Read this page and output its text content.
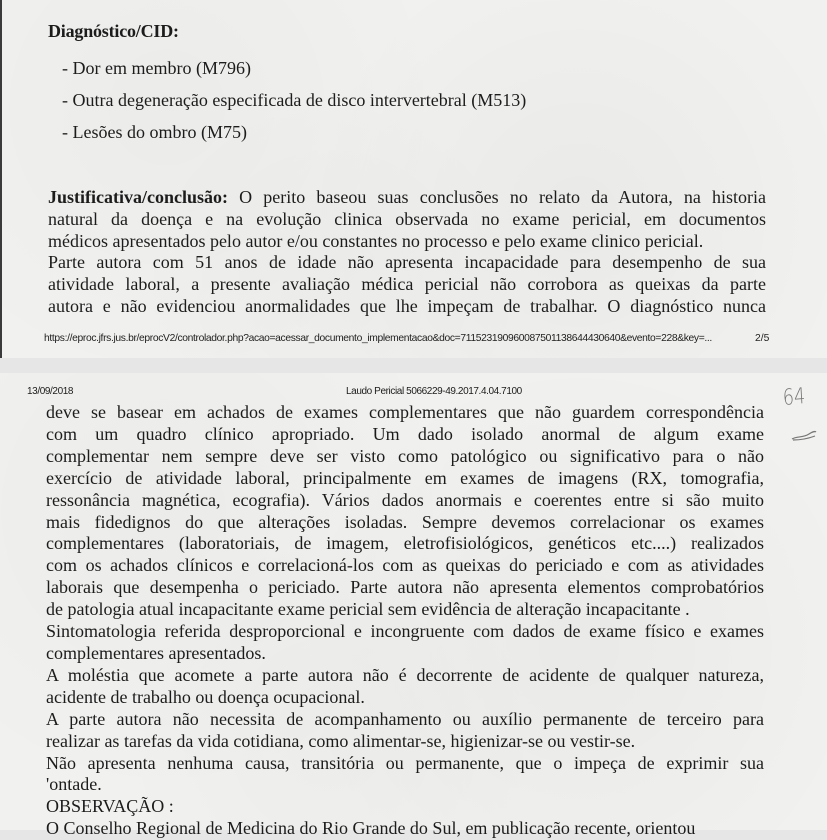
Diagnóstico/CID:
- Dor em membro (M796)
- Outra degeneração especificada de disco intervertebral (M513)
- Lesões do ombro (M75)
Justificativa/conclusão: O perito baseou suas conclusões no relato da Autora, na historia
natural da doença e na evolução clinica observada no exame pericial, em documentos
médicos apresentados pelo autor e/ou constantes no processo e pelo exame clinico pericial.
Parte autora com 51 anos de idade não apresenta incapacidade para desempenho de sua
atividade laboral, a presente avaliação médica pericial não corrobora as queixas da parte
autora e não evidenciou anormalidades que lhe impeçam de trabalhar. O diagnóstico nunca
https://eproc.jfrs.jus.br/eprocV2/controlador.php?acao=acessar_documento_implementacao&doc=711523190960087501138644430640&evento=228&key=...	2/5
13/09/2018	Laudo Pericial 5066229-49.2017.4.04.7100	64
deve se basear em achados de exames complementares que não guardem correspondência
com um quadro clínico apropriado. Um dado isolado anormal de algum exame
complementar nem sempre deve ser visto como patológico ou significativo para o não
exercício de atividade laboral, principalmente em exames de imagens (RX, tomografia,
ressonância magnética, ecografia). Vários dados anormais e coerentes entre si são muito
mais fidedignos do que alterações isoladas. Sempre devemos correlacionar os exames
complementares (laboratoriais, de imagem, eletrofisiológicos, genéticos etc....) realizados
com os achados clínicos e correlacioná-los com as queixas do periciado e com as atividades
laborais que desempenha o periciado. Parte autora não apresenta elementos comprobatórios
de patologia atual incapacitante exame pericial sem evidência de alteração incapacitante .
Sintomatologia referida desproporcional e incongruente com dados de exame físico e exames
complementares apresentados.
A moléstia que acomete a parte autora não é decorrente de acidente de qualquer natureza,
acidente de trabalho ou doença ocupacional.
A parte autora não necessita de acompanhamento ou auxílio permanente de terceiro para
realizar as tarefas da vida cotidiana, como alimentar-se, higienizar-se ou vestir-se.
Não apresenta nenhuma causa, transitória ou permanente, que o impeça de exprimir sua
'ontade.
OBSERVAÇÃO :
O Conselho Regional de Medicina do Rio Grande do Sul, em publicação recente, orientou
